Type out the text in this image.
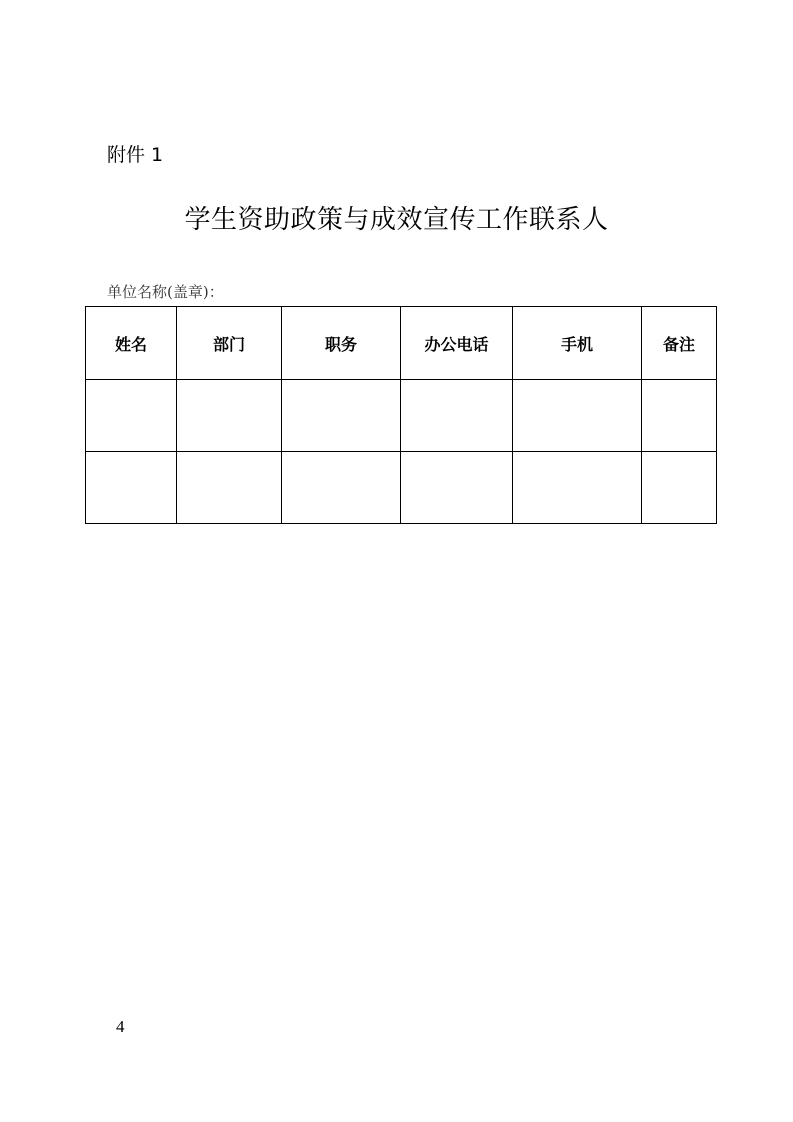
附件 1
学生资助政策与成效宣传工作联系人
单位名称(盖章)：
姓名	部门	职务	办公电话	手机	备注

4
